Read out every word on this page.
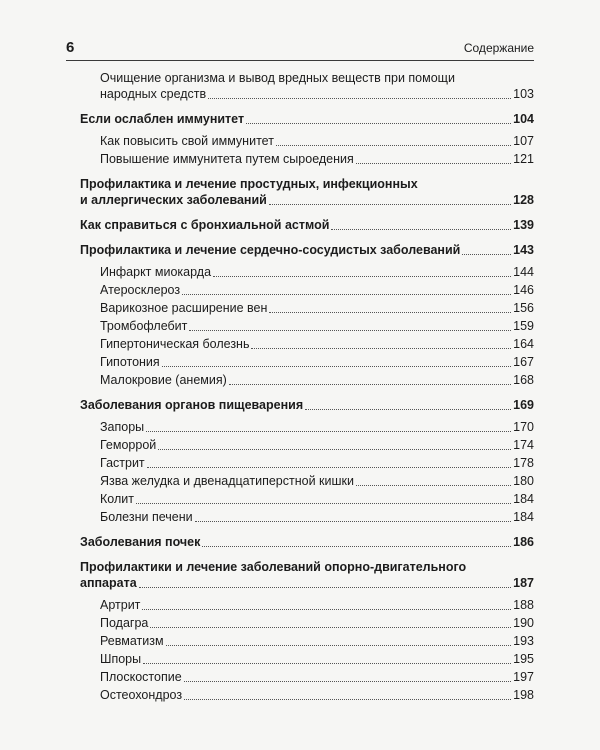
6	Содержание
Очищение организма и вывод вредных веществ при помощи
народных средств	103
Если ослаблен иммунитет	104
Как повысить свой иммунитет	107
Повышение иммунитета путем сыроедения	121
Профилактика и лечение простудных, инфекционных
и аллергических заболеваний	128
Как справиться с бронхиальной астмой	139
Профилактика и лечение сердечно-сосудистых заболеваний	143
Инфаркт миокарда	144
Атеросклероз	146
Варикозное расширение вен	156
Тромбофлебит	159
Гипертоническая болезнь	164
Гипотония	167
Малокровие (анемия)	168
Заболевания органов пищеварения	169
Запоры	170
Геморрой	174
Гастрит	178
Язва желудка и двенадцатиперстной кишки	180
Колит	184
Болезни печени	184
Заболевания почек	186
Профилактики и лечение заболеваний опорно-двигательного
аппарата	187
Артрит	188
Подагра	190
Ревматизм	193
Шпоры	195
Плоскостопие	197
Остеохондроз	198
